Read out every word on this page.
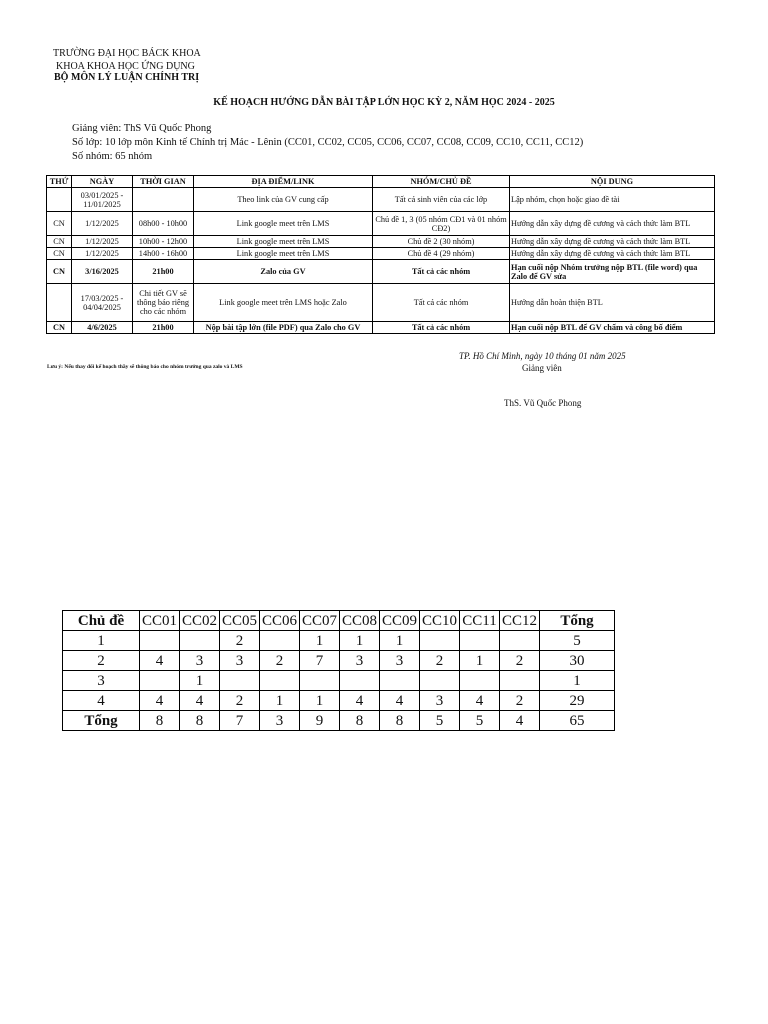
TRƯỜNG ĐẠI HỌC BÁCK KHOA
KHOA KHOA HỌC ỨNG DỤNG
BỘ MÔN LÝ LUẬN CHÍNH TRỊ
KẾ HOẠCH HƯỚNG DẪN BÀI TẬP LỚN HỌC KỲ 2, NĂM HỌC 2024 - 2025
Giảng viên: ThS Vũ Quốc Phong
Số lớp: 10 lớp môn Kinh tế Chính trị Mác - Lênin (CC01, CC02, CC05, CC06, CC07, CC08, CC09, CC10, CC11, CC12)
Số nhóm: 65 nhóm
THỨ	NGÀY	THỜI GIAN	ĐỊA ĐIỂM/LINK	NHÓM/CHỦ ĐỀ	NỘI DUNG
	03/01/2025 - 11/01/2025		Theo link của GV cung cấp	Tất cả sinh viên của các lớp	Lập nhóm, chọn hoặc giao đề tài
CN	1/12/2025	08h00 - 10h00	Link google meet trên LMS	Chủ đề 1, 3 (05 nhóm CĐ1 và 01 nhóm CĐ2)	Hướng dẫn xây dựng đề cương và cách thức làm BTL
CN	1/12/2025	10h00 - 12h00	Link google meet trên LMS	Chủ đề 2 (30 nhóm)	Hướng dẫn xây dựng đề cương và cách thức làm BTL
CN	1/12/2025	14h00 - 16h00	Link google meet trên LMS	Chủ đề 4 (29 nhóm)	Hướng dẫn xây dựng đề cương và cách thức làm BTL
CN	3/16/2025	21h00	Zalo của GV	Tất cả các nhóm	Hạn cuối nộp Nhóm trưởng nộp BTL (file word) qua Zalo để GV sửa
	17/03/2025 - 04/04/2025	Chi tiết GV sẽ thông báo riêng cho các nhóm	Link google meet trên LMS hoặc Zalo	Tất cả các nhóm	Hướng dẫn hoàn thiện BTL
CN	4/6/2025	21h00	Nộp bài tập lớn (file PDF) qua Zalo cho GV	Tất cả các nhóm	Hạn cuối nộp BTL để GV chấm và công bố điểm
Lưu ý: Nếu thay đổi kế hoạch thầy sẽ thông báo cho nhóm trưởng qua zalo và LMS
TP. Hồ Chí Minh, ngày 10 tháng 01 năm 2025
Giảng viên
ThS. Vũ Quốc Phong
Chủ đề	CC01	CC02	CC05	CC06	CC07	CC08	CC09	CC10	CC11	CC12	Tổng
1			2		1	1	1				5
2	4	3	3	2	7	3	3	2	1	2	30
3		1									1
4	4	4	2	1	1	4	4	3	4	2	29
Tổng	8	8	7	3	9	8	8	5	5	4	65
